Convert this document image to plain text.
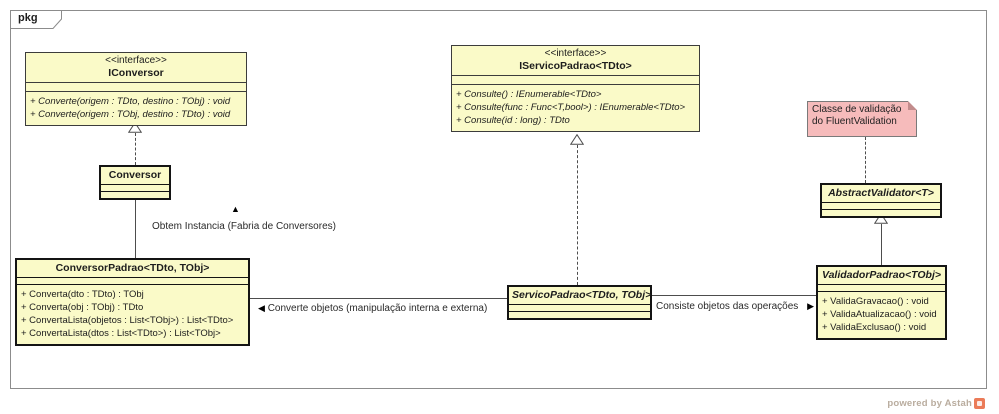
pkg
<<interface>>
IConversor
+ Converte(origem : TDto, destino : TObj) : void
+ Converte(origem : TObj, destino : TDto) : void
Conversor
ConversorPadrao<TDto, TObj>
+ Converta(dto : TDto) : TObj
+ Converta(obj : TObj) : TDto
+ ConvertaLista(objetos : List<TObj>) : List<TDto>
+ ConvertaLista(dtos : List<TDto>) : List<TObj>
<<interface>>
IServicoPadrao<TDto>
+ Consulte() : IEnumerable<TDto>
+ Consulte(func : Func<T,bool>) : IEnumerable<TDto>
+ Consulte(id : long) : TDto
ServicoPadrao<TDto, TObj>
Classe de validação do FluentValidation
AbstractValidator<T>
ValidadorPadrao<TObj>
+ ValidaGravacao() : void
+ ValidaAtualizacao() : void
+ ValidaExclusao() : void
▲
Obtem Instancia (Fabria de Conversores)
◀ Converte objetos (manipulação interna e externa)	Consiste objetos das operações ▶
powered by Astah
